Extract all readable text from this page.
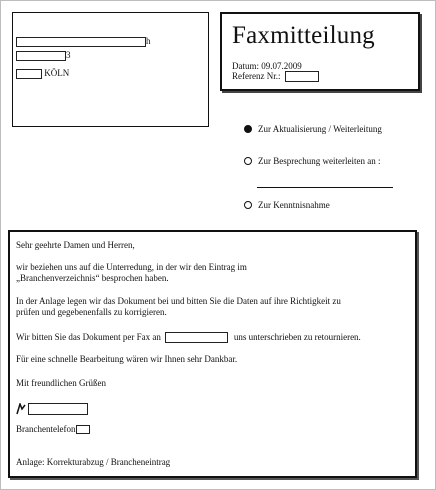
h
3
KÖLN
Faxmitteilung
Datum: 09.07.2009
Referenz Nr.:
Zur Aktualisierung / Weiterleitung
Zur Besprechung weiterleiten an :
Zur Kenntnisnahme
Sehr geehrte Damen und Herren,
wir beziehen uns auf die Unterredung, in der wir den Eintrag im
„Branchenverzeichnis“ besprochen haben.
In der Anlage legen wir das Dokument bei und bitten Sie die Daten auf ihre Richtigkeit zu
prüfen und gegebenenfalls zu korrigieren.
Wir bitten Sie das Dokument per Fax an	uns unterschrieben zu retournieren.
Für eine schnelle Bearbeitung wären wir Ihnen sehr Dankbar.
Mit freundlichen Grüßen
Branchentelefon
Anlage: Korrekturabzug / Brancheneintrag
